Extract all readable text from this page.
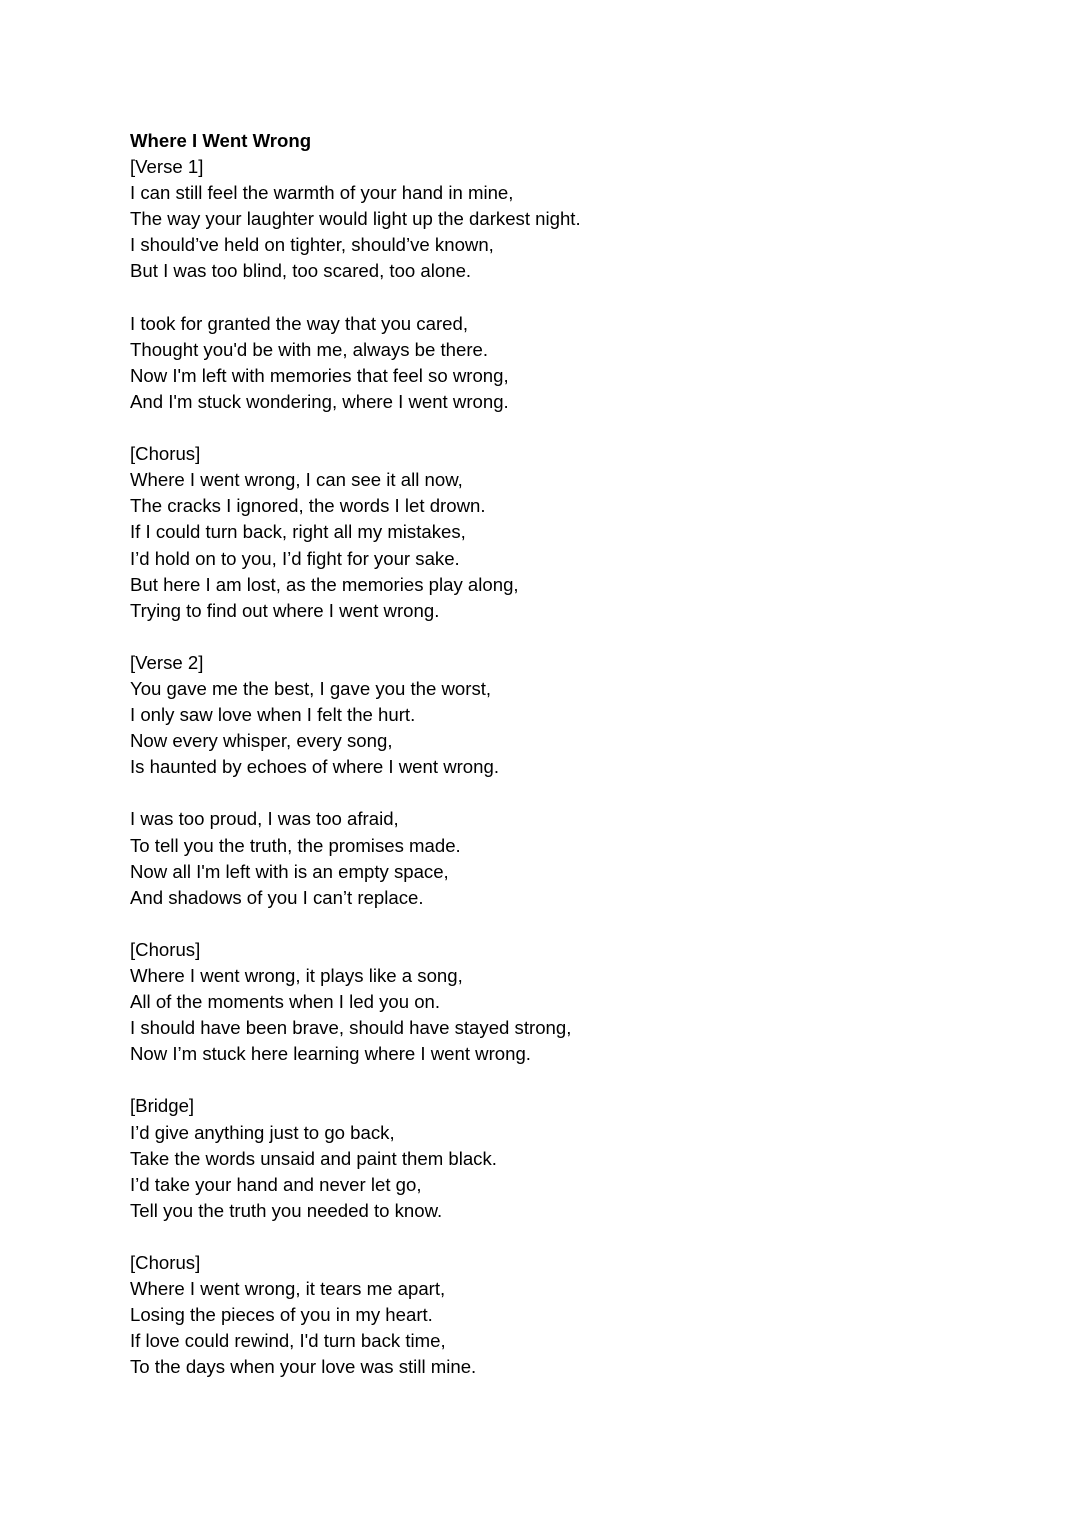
Where I Went Wrong
[Verse 1]
I can still feel the warmth of your hand in mine,
The way your laughter would light up the darkest night.
I should’ve held on tighter, should’ve known,
But I was too blind, too scared, too alone.
I took for granted the way that you cared,
Thought you'd be with me, always be there.
Now I'm left with memories that feel so wrong,
And I'm stuck wondering, where I went wrong.
[Chorus]
Where I went wrong, I can see it all now,
The cracks I ignored, the words I let drown.
If I could turn back, right all my mistakes,
I’d hold on to you, I’d fight for your sake.
But here I am lost, as the memories play along,
Trying to find out where I went wrong.
[Verse 2]
You gave me the best, I gave you the worst,
I only saw love when I felt the hurt.
Now every whisper, every song,
Is haunted by echoes of where I went wrong.
I was too proud, I was too afraid,
To tell you the truth, the promises made.
Now all I'm left with is an empty space,
And shadows of you I can’t replace.
[Chorus]
Where I went wrong, it plays like a song,
All of the moments when I led you on.
I should have been brave, should have stayed strong,
Now I’m stuck here learning where I went wrong.
[Bridge]
I’d give anything just to go back,
Take the words unsaid and paint them black.
I’d take your hand and never let go,
Tell you the truth you needed to know.
[Chorus]
Where I went wrong, it tears me apart,
Losing the pieces of you in my heart.
If love could rewind, I'd turn back time,
To the days when your love was still mine.
